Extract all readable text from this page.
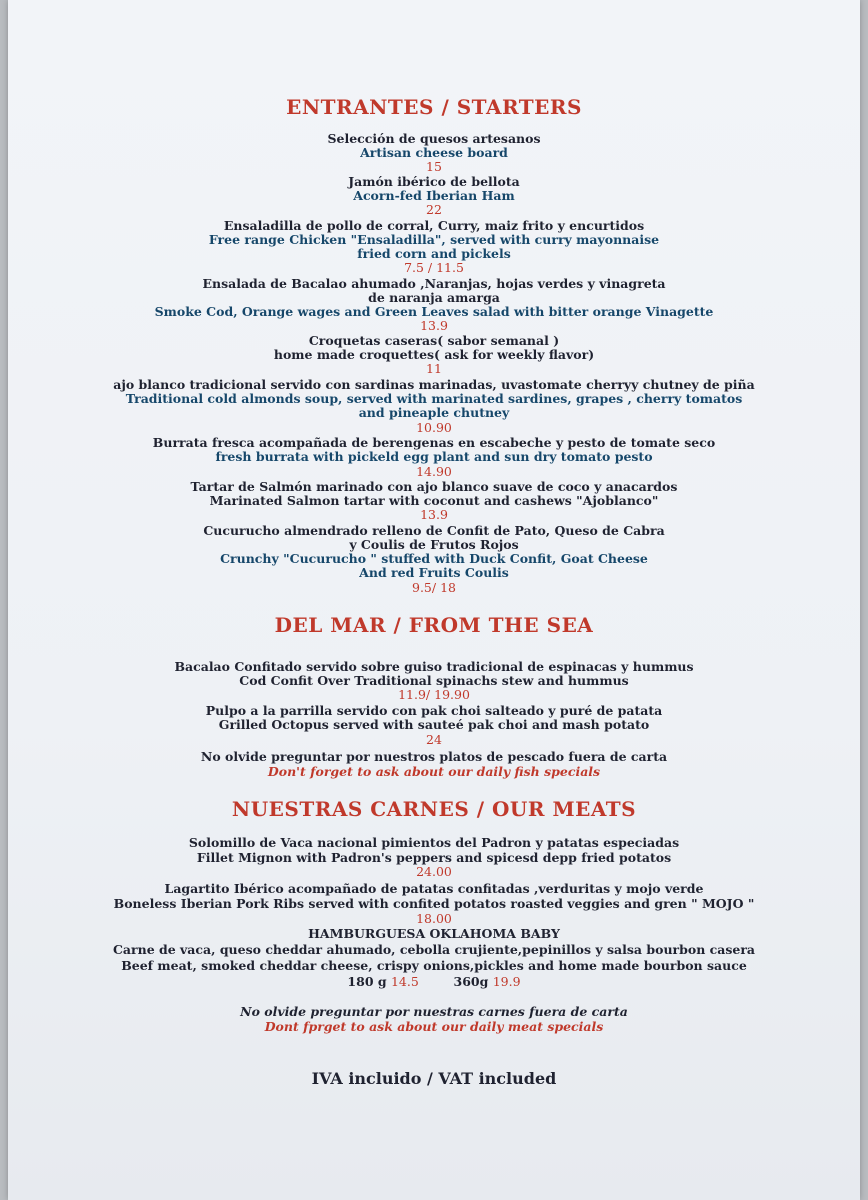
ENTRANTES / STARTERS
Selección de quesos artesanos
Artisan cheese board
15
Jamón ibérico de bellota
Acorn-fed Iberian Ham
22
Ensaladilla de pollo de corral, Curry, maiz frito y encurtidos
Free range Chicken "Ensaladilla", served with curry mayonnaise
fried corn and pickels
7.5 / 11.5
Ensalada de Bacalao ahumado ,Naranjas, hojas verdes y vinagreta
de naranja amarga
Smoke Cod, Orange wages and Green Leaves salad with bitter orange Vinagette
13.9
Croquetas caseras( sabor semanal )
home made croquettes( ask for weekly flavor)
11
ajo blanco tradicional servido con sardinas marinadas, uvastomate cherryy chutney de piña
Traditional cold almonds soup, served with marinated sardines, grapes , cherry tomatos
and pineaple chutney
10.90
Burrata fresca acompañada de berengenas en escabeche y pesto de tomate seco
fresh burrata with pickeld egg plant and sun dry tomato pesto
14.90
Tartar de Salmón marinado con ajo blanco suave de coco y anacardos
Marinated Salmon tartar with coconut and cashews "Ajoblanco"
13.9
Cucurucho almendrado relleno de Confit de Pato, Queso de Cabra
y Coulis de Frutos Rojos
Crunchy "Cucurucho " stuffed with Duck Confit, Goat Cheese
And red Fruits Coulis
9.5/ 18
DEL MAR / FROM THE SEA
Bacalao Confitado servido sobre guiso tradicional de espinacas y hummus
Cod Confit Over Traditional spinachs stew and hummus
11.9/ 19.90
Pulpo a la parrilla servido con pak choi salteado y puré de patata
Grilled Octopus served with sauteé pak choi and mash potato
24
No olvide preguntar por nuestros platos de pescado fuera de carta
Don't forget to ask about our daily fish specials
NUESTRAS CARNES / OUR MEATS
Solomillo de Vaca nacional pimientos del Padron y patatas especiadas
Fillet Mignon with Padron's peppers and spicesd depp fried potatos
24.00
Lagartito Ibérico acompañado de patatas confitadas ,verduritas y mojo verde
Boneless Iberian Pork Ribs served with confited potatos roasted veggies and gren " MOJO "
18.00
HAMBURGUESA OKLAHOMA BABY
Carne de vaca, queso cheddar ahumado, cebolla crujiente,pepinillos y salsa bourbon casera
Beef meat, smoked cheddar cheese, crispy onions,pickles and home made bourbon sauce
180 g 14.5	360g 19.9
No olvide preguntar por nuestras carnes fuera de carta
Dont fprget to ask about our daily meat specials
IVA incluido / VAT included
